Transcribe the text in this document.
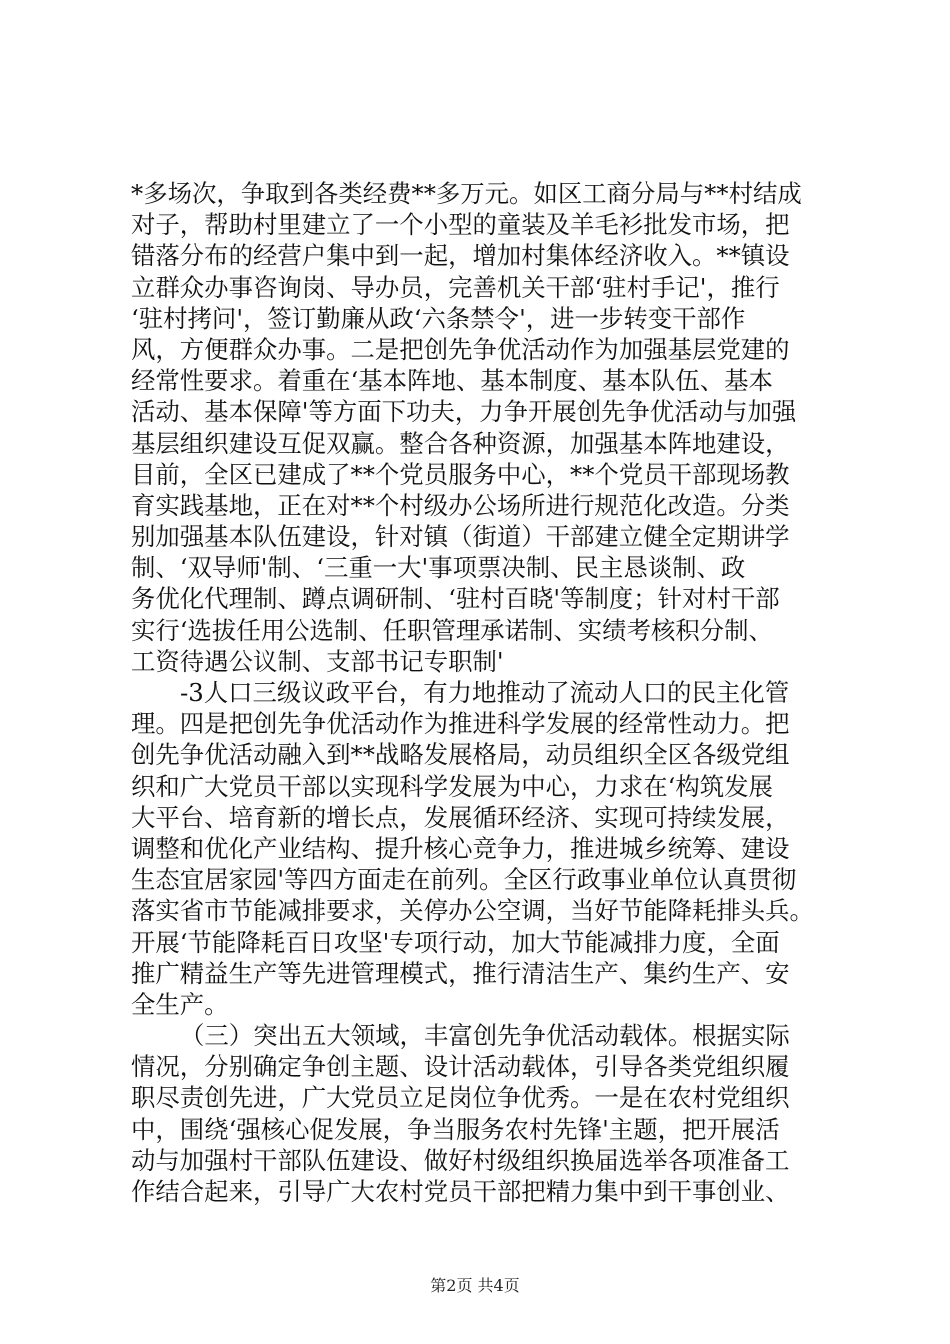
*多场次，争取到各类经费**多万元。如区工商分局与**村结成
对子，帮助村里建立了一个小型的童装及羊毛衫批发市场，把
错落分布的经营户集中到一起，增加村集体经济收入。**镇设
立群众办事咨询岗、导办员，完善机关干部‘驻村手记'，推行
‘驻村拷问'，签订勤廉从政‘六条禁令'，进一步转变干部作
风，方便群众办事。二是把创先争优活动作为加强基层党建的
经常性要求。着重在‘基本阵地、基本制度、基本队伍、基本
活动、基本保障'等方面下功夫，力争开展创先争优活动与加强
基层组织建设互促双赢。整合各种资源，加强基本阵地建设，
目前，全区已建成了**个党员服务中心，**个党员干部现场教
育实践基地，正在对**个村级办公场所进行规范化改造。分类
别加强基本队伍建设，针对镇（街道）干部建立健全定期讲学
制、‘双导师'制、‘三重一大'事项票决制、民主恳谈制、政
务优化代理制、蹲点调研制、‘驻村百晓'等制度；针对村干部
实行‘选拔任用公选制、任职管理承诺制、实绩考核积分制、
工资待遇公议制、支部书记专职制'
-3人口三级议政平台，有力地推动了流动人口的民主化管
理。四是把创先争优活动作为推进科学发展的经常性动力。把
创先争优活动融入到**战略发展格局，动员组织全区各级党组
织和广大党员干部以实现科学发展为中心，力求在‘构筑发展
大平台、培育新的增长点，发展循环经济、实现可持续发展，
调整和优化产业结构、提升核心竞争力，推进城乡统筹、建设
生态宜居家园'等四方面走在前列。全区行政事业单位认真贯彻
落实省市节能减排要求，关停办公空调，当好节能降耗排头兵。
开展‘节能降耗百日攻坚'专项行动，加大节能减排力度，全面
推广精益生产等先进管理模式，推行清洁生产、集约生产、安
全生产。
（三）突出五大领域，丰富创先争优活动载体。根据实际
情况，分别确定争创主题、设计活动载体，引导各类党组织履
职尽责创先进，广大党员立足岗位争优秀。一是在农村党组织
中，围绕‘强核心促发展，争当服务农村先锋'主题，把开展活
动与加强村干部队伍建设、做好村级组织换届选举各项准备工
作结合起来，引导广大农村党员干部把精力集中到干事创业、
第2页 共4页
